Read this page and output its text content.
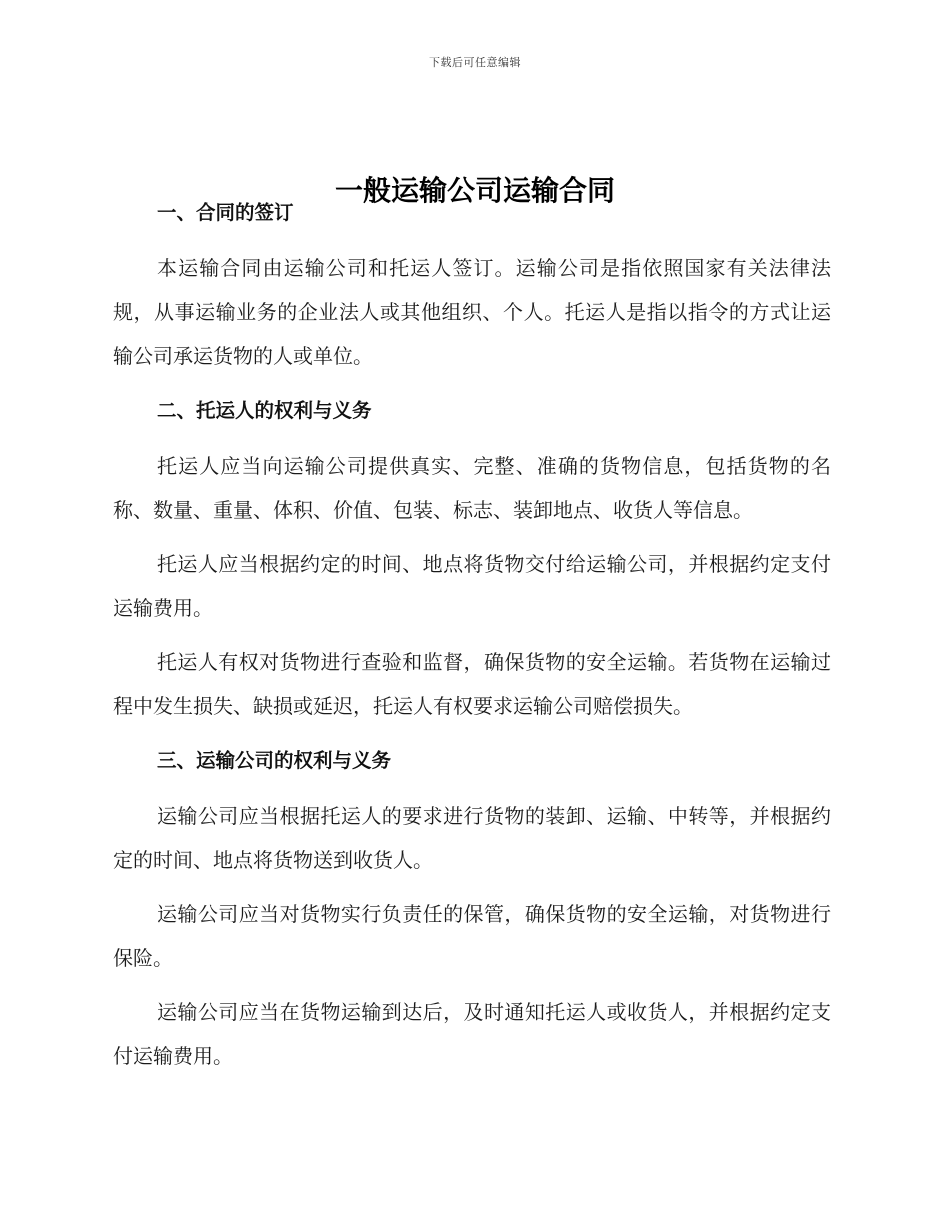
下载后可任意编辑
一般运输公司运输合同
一、合同的签订

本运输合同由运输公司和托运人签订。运输公司是指依照国家有关法律法规，从事运输业务的企业法人或其他组织、个人。托运人是指以指令的方式让运输公司承运货物的人或单位。

二、托运人的权利与义务

托运人应当向运输公司提供真实、完整、准确的货物信息，包括货物的名称、数量、重量、体积、价值、包装、标志、装卸地点、收货人等信息。

托运人应当根据约定的时间、地点将货物交付给运输公司，并根据约定支付运输费用。

托运人有权对货物进行查验和监督，确保货物的安全运输。若货物在运输过程中发生损失、缺损或延迟，托运人有权要求运输公司赔偿损失。

三、运输公司的权利与义务

运输公司应当根据托运人的要求进行货物的装卸、运输、中转等，并根据约定的时间、地点将货物送到收货人。

运输公司应当对货物实行负责任的保管，确保货物的安全运输，对货物进行保险。

运输公司应当在货物运输到达后，及时通知托运人或收货人，并根据约定支付运输费用。
